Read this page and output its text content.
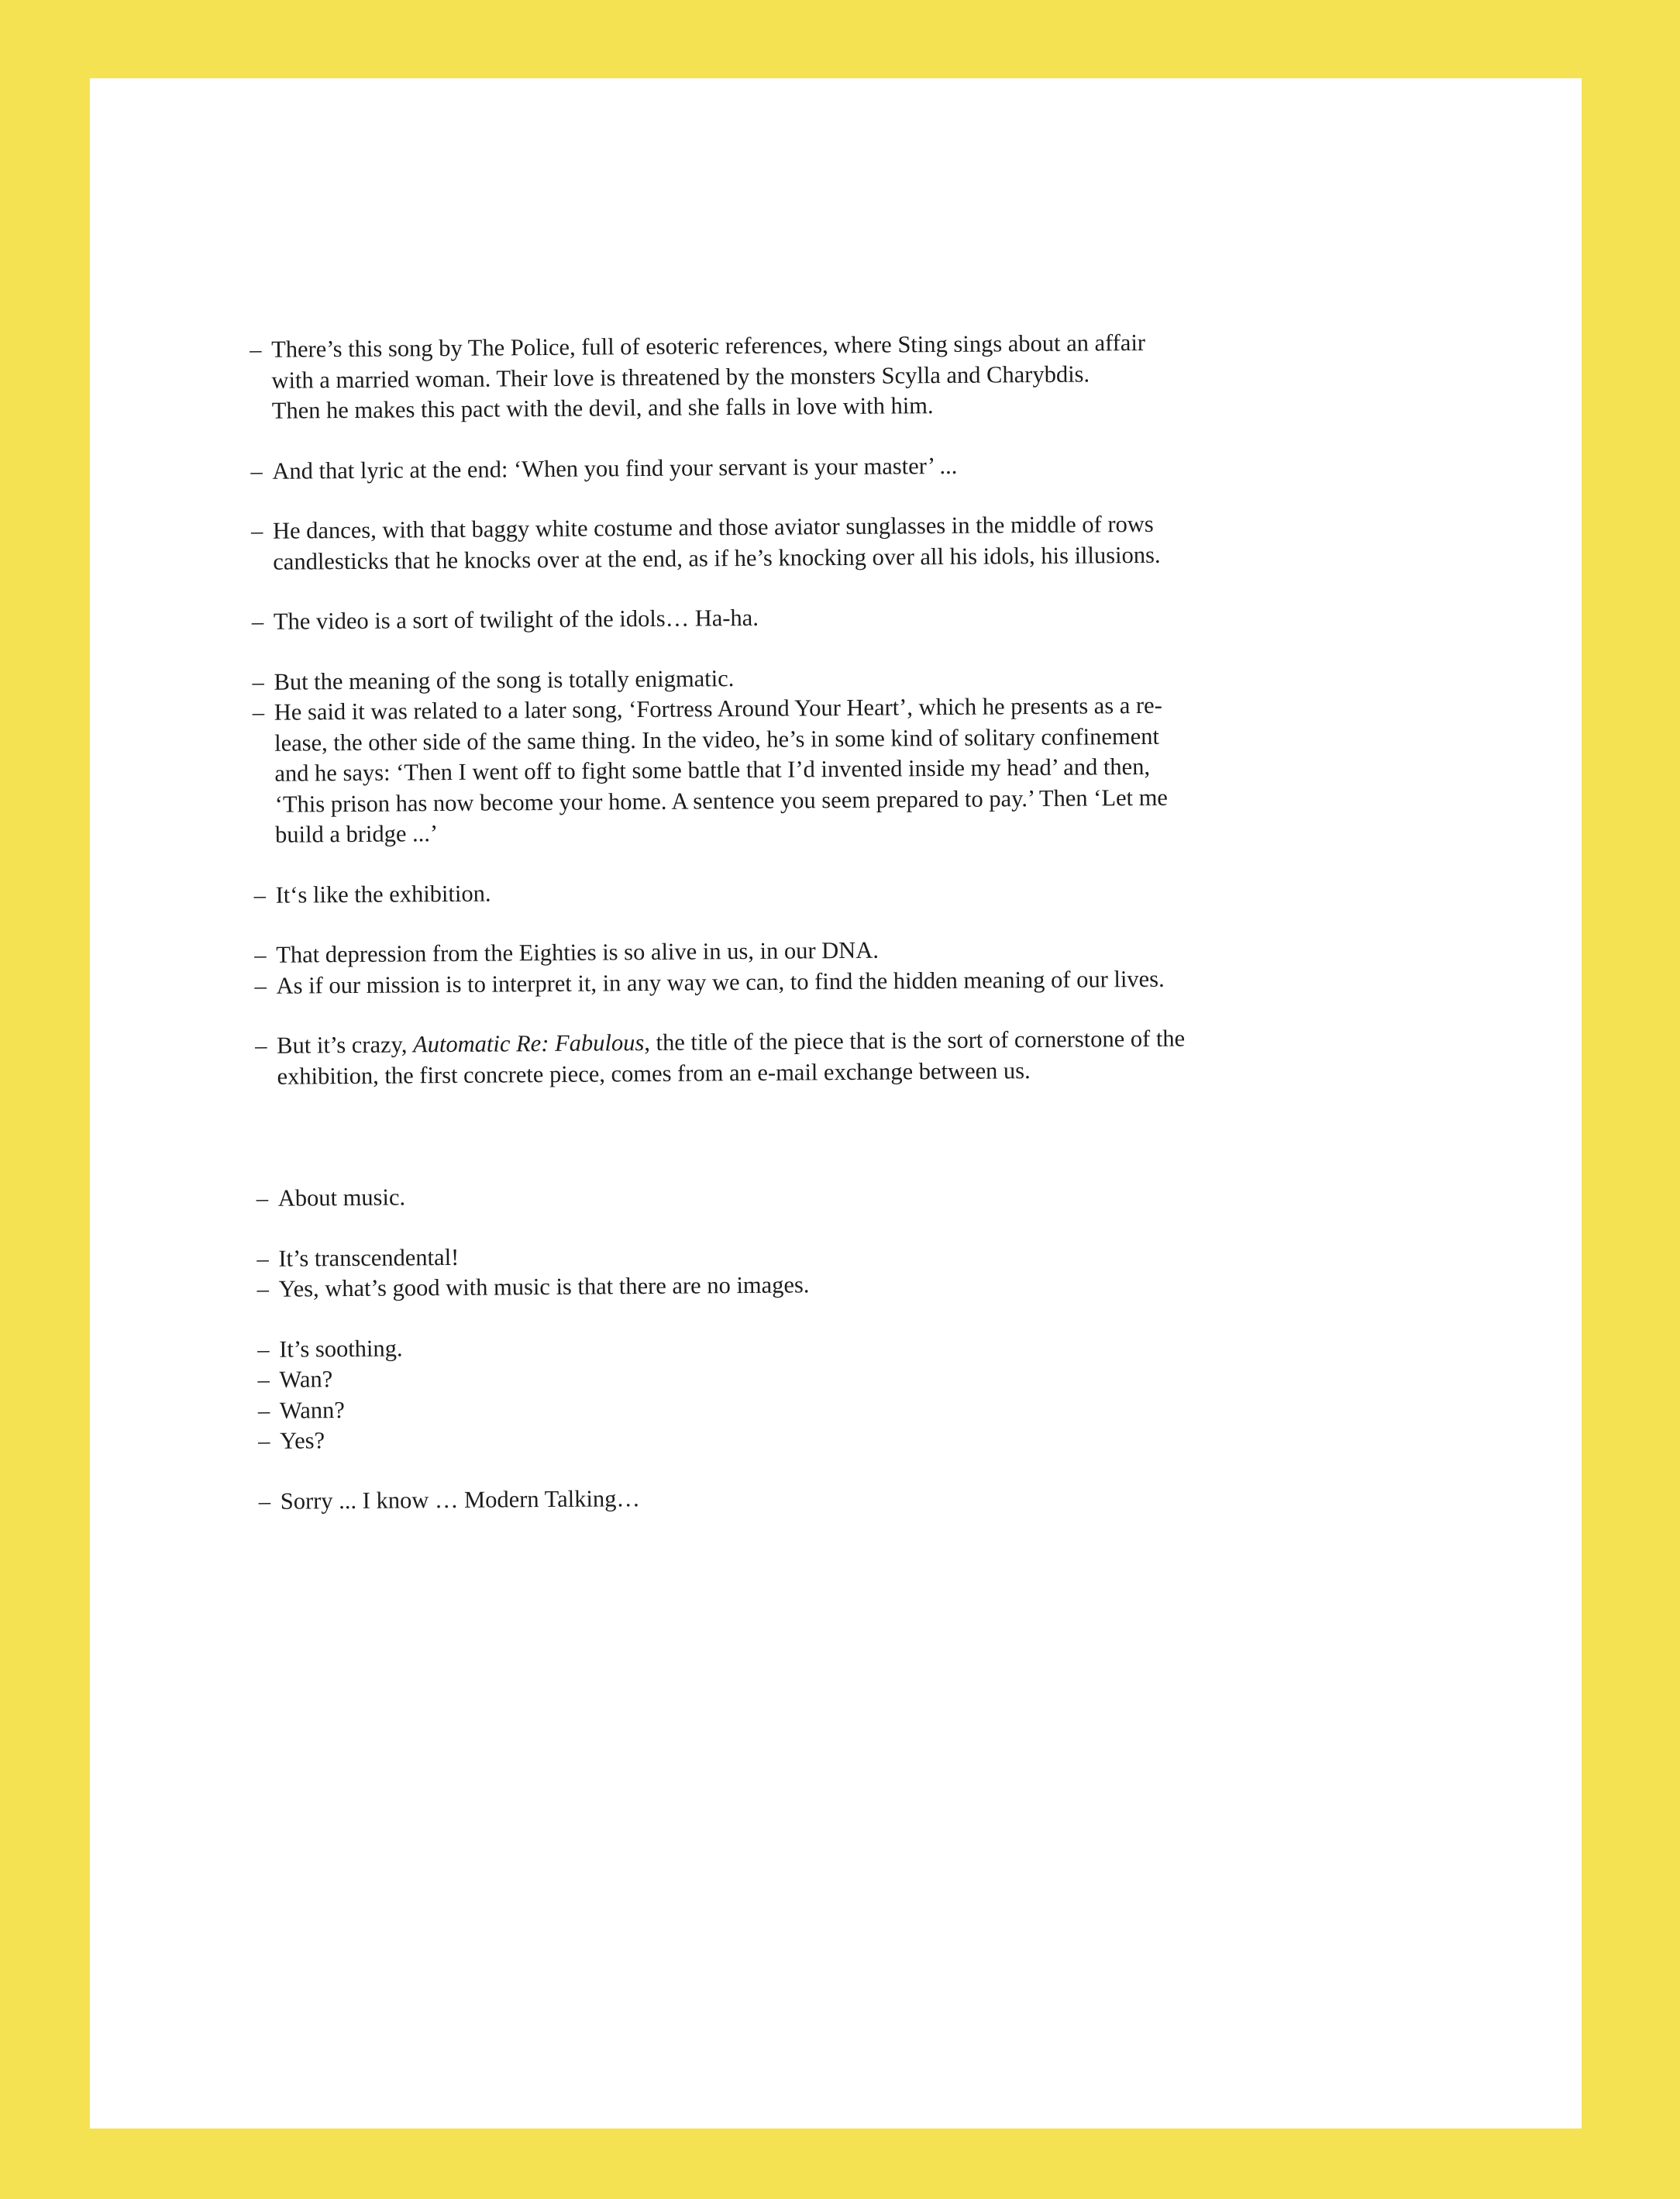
– There’s this song by The Police, full of esoteric references, where Sting sings about an affair
with a married woman. Their love is threatened by the monsters Scylla and Charybdis.
Then he makes this pact with the devil, and she falls in love with him.
– And that lyric at the end: ‘When you find your servant is your master’ ...
– He dances, with that baggy white costume and those aviator sunglasses in the middle of rows
candlesticks that he knocks over at the end, as if he’s knocking over all his idols, his illusions.
– The video is a sort of twilight of the idols… Ha-ha.
– But the meaning of the song is totally enigmatic.
– He said it was related to a later song, ‘Fortress Around Your Heart’, which he presents as a re-
lease, the other side of the same thing. In the video, he’s in some kind of solitary confinement
and he says: ‘Then I went off to fight some battle that I’d invented inside my head’ and then,
‘This prison has now become your home. A sentence you seem prepared to pay.’ Then ‘Let me
build a bridge ...’
– It‘s like the exhibition.
– That depression from the Eighties is so alive in us, in our DNA.
– As if our mission is to interpret it, in any way we can, to find the hidden meaning of our lives.
– But it’s crazy, Automatic Re: Fabulous, the title of the piece that is the sort of cornerstone of the
exhibition, the first concrete piece, comes from an e-mail exchange between us.
– About music.
– It’s transcendental!
– Yes, what’s good with music is that there are no images.
– It’s soothing.
– Wan?
– Wann?
– Yes?
– Sorry ... I know … Modern Talking…
